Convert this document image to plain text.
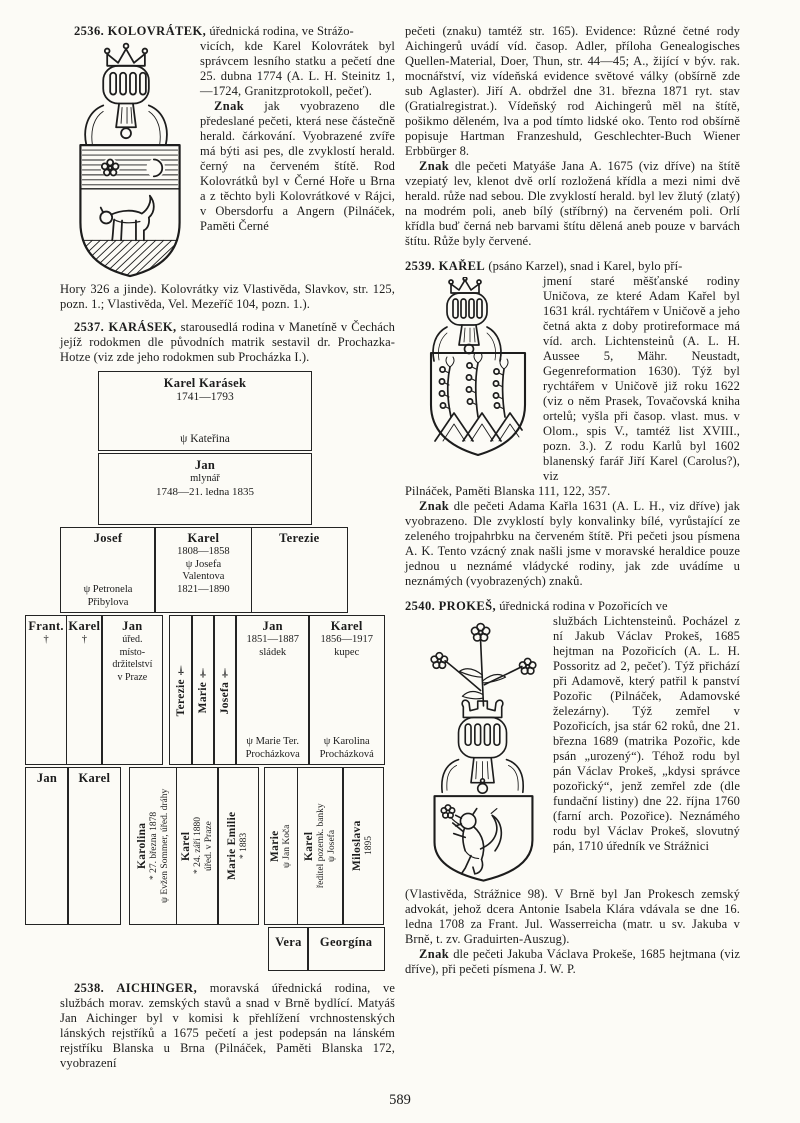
2536. KOLOVRÁTEK, úřednická rodina, ve Strážo-

vicích, kde Karel Kolovrátek byl správcem lesního statku a pečetí dne 25. dubna 1774 (A. L. H. Steinitz 1, —1724, Granitzprotokoll, pečeť).

Znak jak vyobrazeno dle předeslané pečeti, která nese částečně herald. čárkování. Vyobrazené zvíře má býti asi pes, dle zvyklostí herald. černý na červeném štítě. Rod Kolovrátků byl v Černé Hoře u Brna a z těchto byli Kolovrátkové v Rájci, v Obersdorfu a Angern (Pilnáček, Paměti Černé

Hory 326 a jinde). Kolovrátky viz Vlastivěda, Slavkov, str. 125, pozn. 1.; Vlastivěda, Vel. Mezeříč 104, pozn. 1.).

2537. KARÁSEK, starousedlá rodina v Manetíně v Čechách jejíž rodokmen dle původních matrik sestavil dr. Prochazka-Hotze (viz zde jeho rodokmen sub Procházka I.).

Karel Karásek
1741—1793
ψ Kateřina
Jan
mlynář
1748—21. ledna 1835
Josef
ψ Petronela
Přibylova
Karel
1808—1858
ψ Josefa
Valentova
1821—1890
Terezie
Frant.
†
Karel
†
Jan
úřed.
místo-
držitelství
v Praze Terezie † Marie † Josefa †
Jan
1851—1887
sládek
ψ Marie Ter.
Procházkova
Karel
1856—1917
kupec
ψ Karolina
Procházková
Jan Karel
Karolina * 27. března 1878 ψ Evžen Sommer, úřed. dráhy Karel * 24. září 1880 úřed. v Praze Marie Emilie * 1883 Marie ψ Jan Koča Karel ředitel pozemk. banky ψ Josefa Miloslava 1895
Vera Georgína

2538. AICHINGER, moravská úřednická rodina, ve službách morav. zemských stavů a snad v Brně bydlící. Matyáš Jan Aichinger byl v komisi k přehlížení vrchnostenských lánských rejstříků a 1675 pečetí a jest podepsán na lánském rejstříku Blanska u Brna (Pilnáček, Paměti Blanska 172, vyobrazení

pečeti (znaku) tamtéž str. 165). Evidence: Různé četné rody Aichingerů uvádí víd. časop. Adler, příloha Genealogisches Quellen-Material, Doer, Thun, str. 44—45; A., žijící v býv. rak. mocnářství, viz vídeňská evidence světové války (obšírně zde sub Aglaster). Jiří A. obdržel dne 31. března 1871 ryt. stav (Gratialregistrat.). Vídeňský rod Aichingerů měl na štítě, pošikmo děleném, lva a pod tímto lidské oko. Tento rod obšírně popisuje Hartman Franzeshuld, Geschlechter-Buch Wiener Erbbürger 8.

Znak dle pečeti Matyáše Jana A. 1675 (viz dříve) na štítě vzepiatý lev, klenot dvě orlí rozložená křídla a mezi nimi dvě herald. růže nad sebou. Dle zvyklostí herald. byl lev žlutý (zlatý) na modrém poli, aneb bílý (stříbrný) na červeném poli. Orlí křídla buď černá neb barvami štítu dělená aneb pouze v barvách štítu. Růže byly červené.

2539. KAŘEL (psáno Karzel), snad i Karel, bylo pří-

jmení staré měšťanské rodiny Uničova, ze které Adam Kařel byl 1631 král. rychtářem v Uničově a jeho četná akta z doby protireformace má víd. arch. Lichtensteinů (A. L. H. Aussee 5, Mähr. Neustadt, Gegenreformation 1630). Týž byl rychtářem v Uničově již roku 1622 (viz o něm Prasek, Tovačovská kniha ortelů; vyšla při časop. vlast. mus. v Olom., spis V., tamtéž list XVIII., pozn. 3.). Z rodu Karlů byl 1602 blanenský farář Jiří Karel (Carolus?), viz

Pilnáček, Paměti Blanska 111, 122, 357.

Znak dle pečeti Adama Kařla 1631 (A. L. H., viz dříve) jak vyobrazeno. Dle zvyklostí byly konvalinky bílé, vyrůstající ze zeleného trojpahrbku na červeném štítě. Při pečeti jsou písmena A. K. Tento vzácný znak našli jsme v moravské heraldice pouze jednou u neznámé vládycké rodiny, jak zde uvádíme u neznámých (vyobrazených) znaků.

2540. PROKEŠ, úřednická rodina v Pozořicích ve

službách Lichtensteinů. Pocházel z ní Jakub Václav Prokeš, 1685 hejtman na Pozořicích (A. L. H. Possoritz ad 2, pečeť). Týž přichází při Adamově, který patřil k panství Pozořic (Pilnáček, Adamovské železárny). Týž zemřel v Pozořicích, jsa stár 62 roků, dne 21. března 1689 (matrika Pozořic, kde psán „urozený“). Téhož rodu byl pán Václav Prokeš, „kdysi správce pozořický“, jenž zemřel zde (dle fundační listiny) dne 22. října 1760 (farní arch. Pozořice). Neznámého rodu byl Václav Prokeš, slovutný pán, 1710 úředník ve Strážnici

(Vlastivěda, Strážnice 98). V Brně byl Jan Prokesch zemský advokát, jehož dcera Antonie Isabela Klára vdávala se dne 16. ledna 1708 za Frant. Jul. Wasserreicha (matr. u sv. Jakuba v Brně, t. zv. Graduirten-Auszug).

Znak dle pečeti Jakuba Václava Prokeše, 1685 hejtmana (viz dříve), při pečeti písmena J. W. P.

589
